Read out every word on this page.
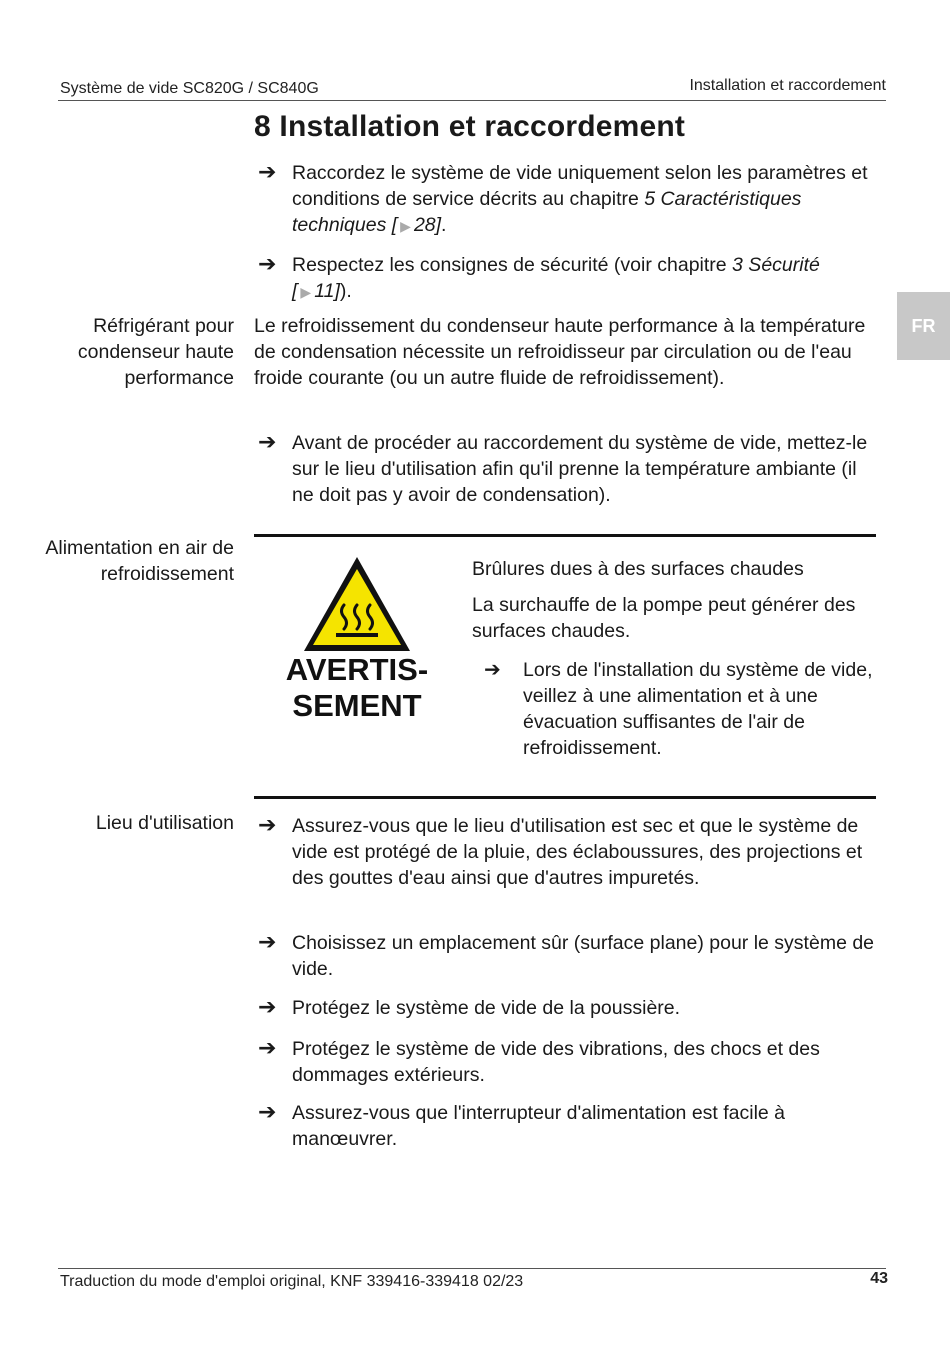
Système de vide SC820G / SC840G	Installation et raccordement
FR
8 Installation et raccordement
➔ Raccordez le système de vide uniquement selon les paramètres et conditions de service décrits au chapitre 5 Caractéristiques techniques [ ▶ 28].
➔ Respectez les consignes de sécurité (voir chapitre 3 Sécurité [ ▶ 11]).
Réfrigérant pour condenseur haute performance
Le refroidissement du condenseur haute performance à la température de condensation nécessite un refroidisseur par circulation ou de l'eau froide courante (ou un autre fluide de refroidissement).
➔ Avant de procéder au raccordement du système de vide, mettez-le sur le lieu d'utilisation afin qu'il prenne la température ambiante (il ne doit pas y avoir de condensation).
Alimentation en air de refroidissement
AVERTIS-
SEMENT
Brûlures dues à des surfaces chaudes
La surchauffe de la pompe peut générer des surfaces chaudes.
➔ Lors de l'installation du système de vide, veillez à une alimentation et à une évacuation suffisantes de l'air de refroidissement.
Lieu d'utilisation ➔ Assurez-vous que le lieu d'utilisation est sec et que le système de vide est protégé de la pluie, des éclaboussures, des projections et des gouttes d'eau ainsi que d'autres impuretés.
➔ Choisissez un emplacement sûr (surface plane) pour le système de vide.
➔ Protégez le système de vide de la poussière.
➔ Protégez le système de vide des vibrations, des chocs et des dommages extérieurs.
➔ Assurez-vous que l'interrupteur d'alimentation est facile à manœuvrer.
Traduction du mode d'emploi original, KNF 339416-339418 02/23	43
